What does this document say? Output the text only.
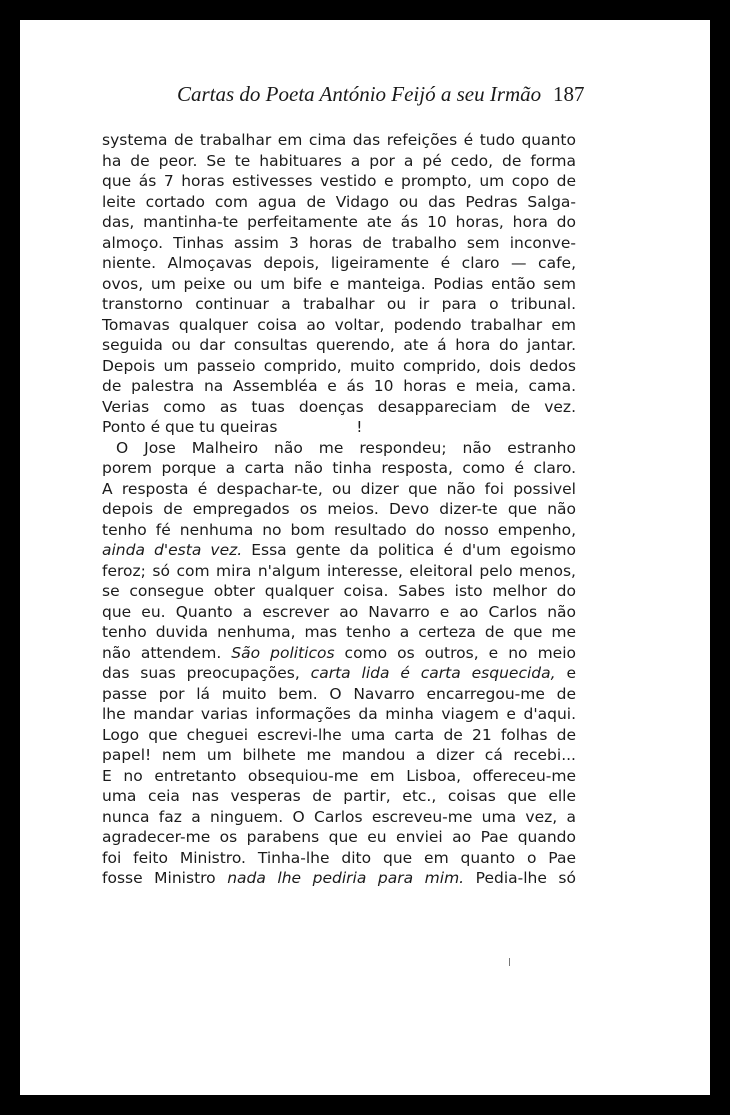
Cartas do Poeta António Feijó a seu Irmão 187
systema de trabalhar em cima das refeições é tudo quanto
ha de peor. Se te habituares a por a pé cedo, de forma
que ás 7 horas estivesses vestido e prompto, um copo de
leite cortado com agua de Vidago ou das Pedras Salga-
das, mantinha-te perfeitamente ate ás 10 horas, hora do
almoço. Tinhas assim 3 horas de trabalho sem inconve-
niente. Almoçavas depois, ligeiramente é claro — cafe,
ovos, um peixe ou um bife e manteiga. Podias então sem
transtorno continuar a trabalhar ou ir para o tribunal.
Tomavas qualquer coisa ao voltar, podendo trabalhar em
seguida ou dar consultas querendo, ate á hora do jantar.
Depois um passeio comprido, muito comprido, dois dedos
de palestra na Assembléa e ás 10 horas e meia, cama.
Verias como as tuas doenças desappareciam de vez.
Ponto é que tu queiras                !
O Jose Malheiro não me respondeu; não estranho
porem porque a carta não tinha resposta, como é claro.
A resposta é despachar-te, ou dizer que não foi possivel
depois de empregados os meios. Devo dizer-te que não
tenho fé nenhuma no bom resultado do nosso empenho,
ainda d'esta vez. Essa gente da politica é d'um egoismo
feroz; só com mira n'algum interesse, eleitoral pelo menos,
se consegue obter qualquer coisa. Sabes isto melhor do
que eu. Quanto a escrever ao Navarro e ao Carlos não
tenho duvida nenhuma, mas tenho a certeza de que me
não attendem. São politicos como os outros, e no meio
das suas preocupações, carta lida é carta esquecida, e
passe por lá muito bem. O Navarro encarregou-me de
lhe mandar varias informações da minha viagem e d'aqui.
Logo que cheguei escrevi-lhe uma carta de 21 folhas de
papel! nem um bilhete me mandou a dizer cá recebi...
E no entretanto obsequiou-me em Lisboa, offereceu-me
uma ceia nas vesperas de partir, etc., coisas que elle
nunca faz a ninguem. O Carlos escreveu-me uma vez, a
agradecer-me os parabens que eu enviei ao Pae quando
foi feito Ministro. Tinha-lhe dito que em quanto o Pae
fosse Ministro nada lhe pediria para mim. Pedia-lhe só
